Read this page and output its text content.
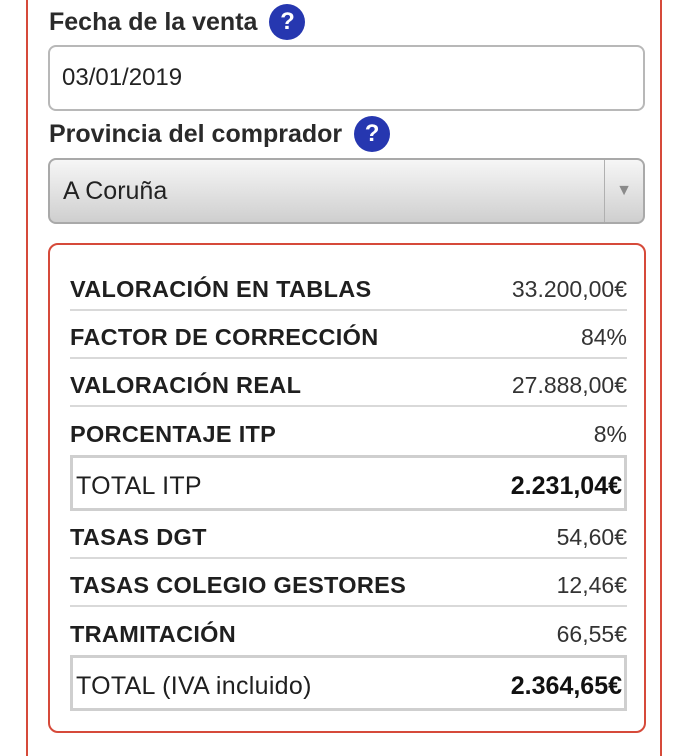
Fecha de la venta ?
03/01/2019
Provincia del comprador ?
A Coruña	▼
VALORACIÓN EN TABLAS	33.200,00€
FACTOR DE CORRECCIÓN	84%
VALORACIÓN REAL	27.888,00€
PORCENTAJE ITP	8%
TOTAL ITP	2.231,04€
TASAS DGT	54,60€
TASAS COLEGIO GESTORES	12,46€
TRAMITACIÓN	66,55€
TOTAL (IVA incluido)	2.364,65€
